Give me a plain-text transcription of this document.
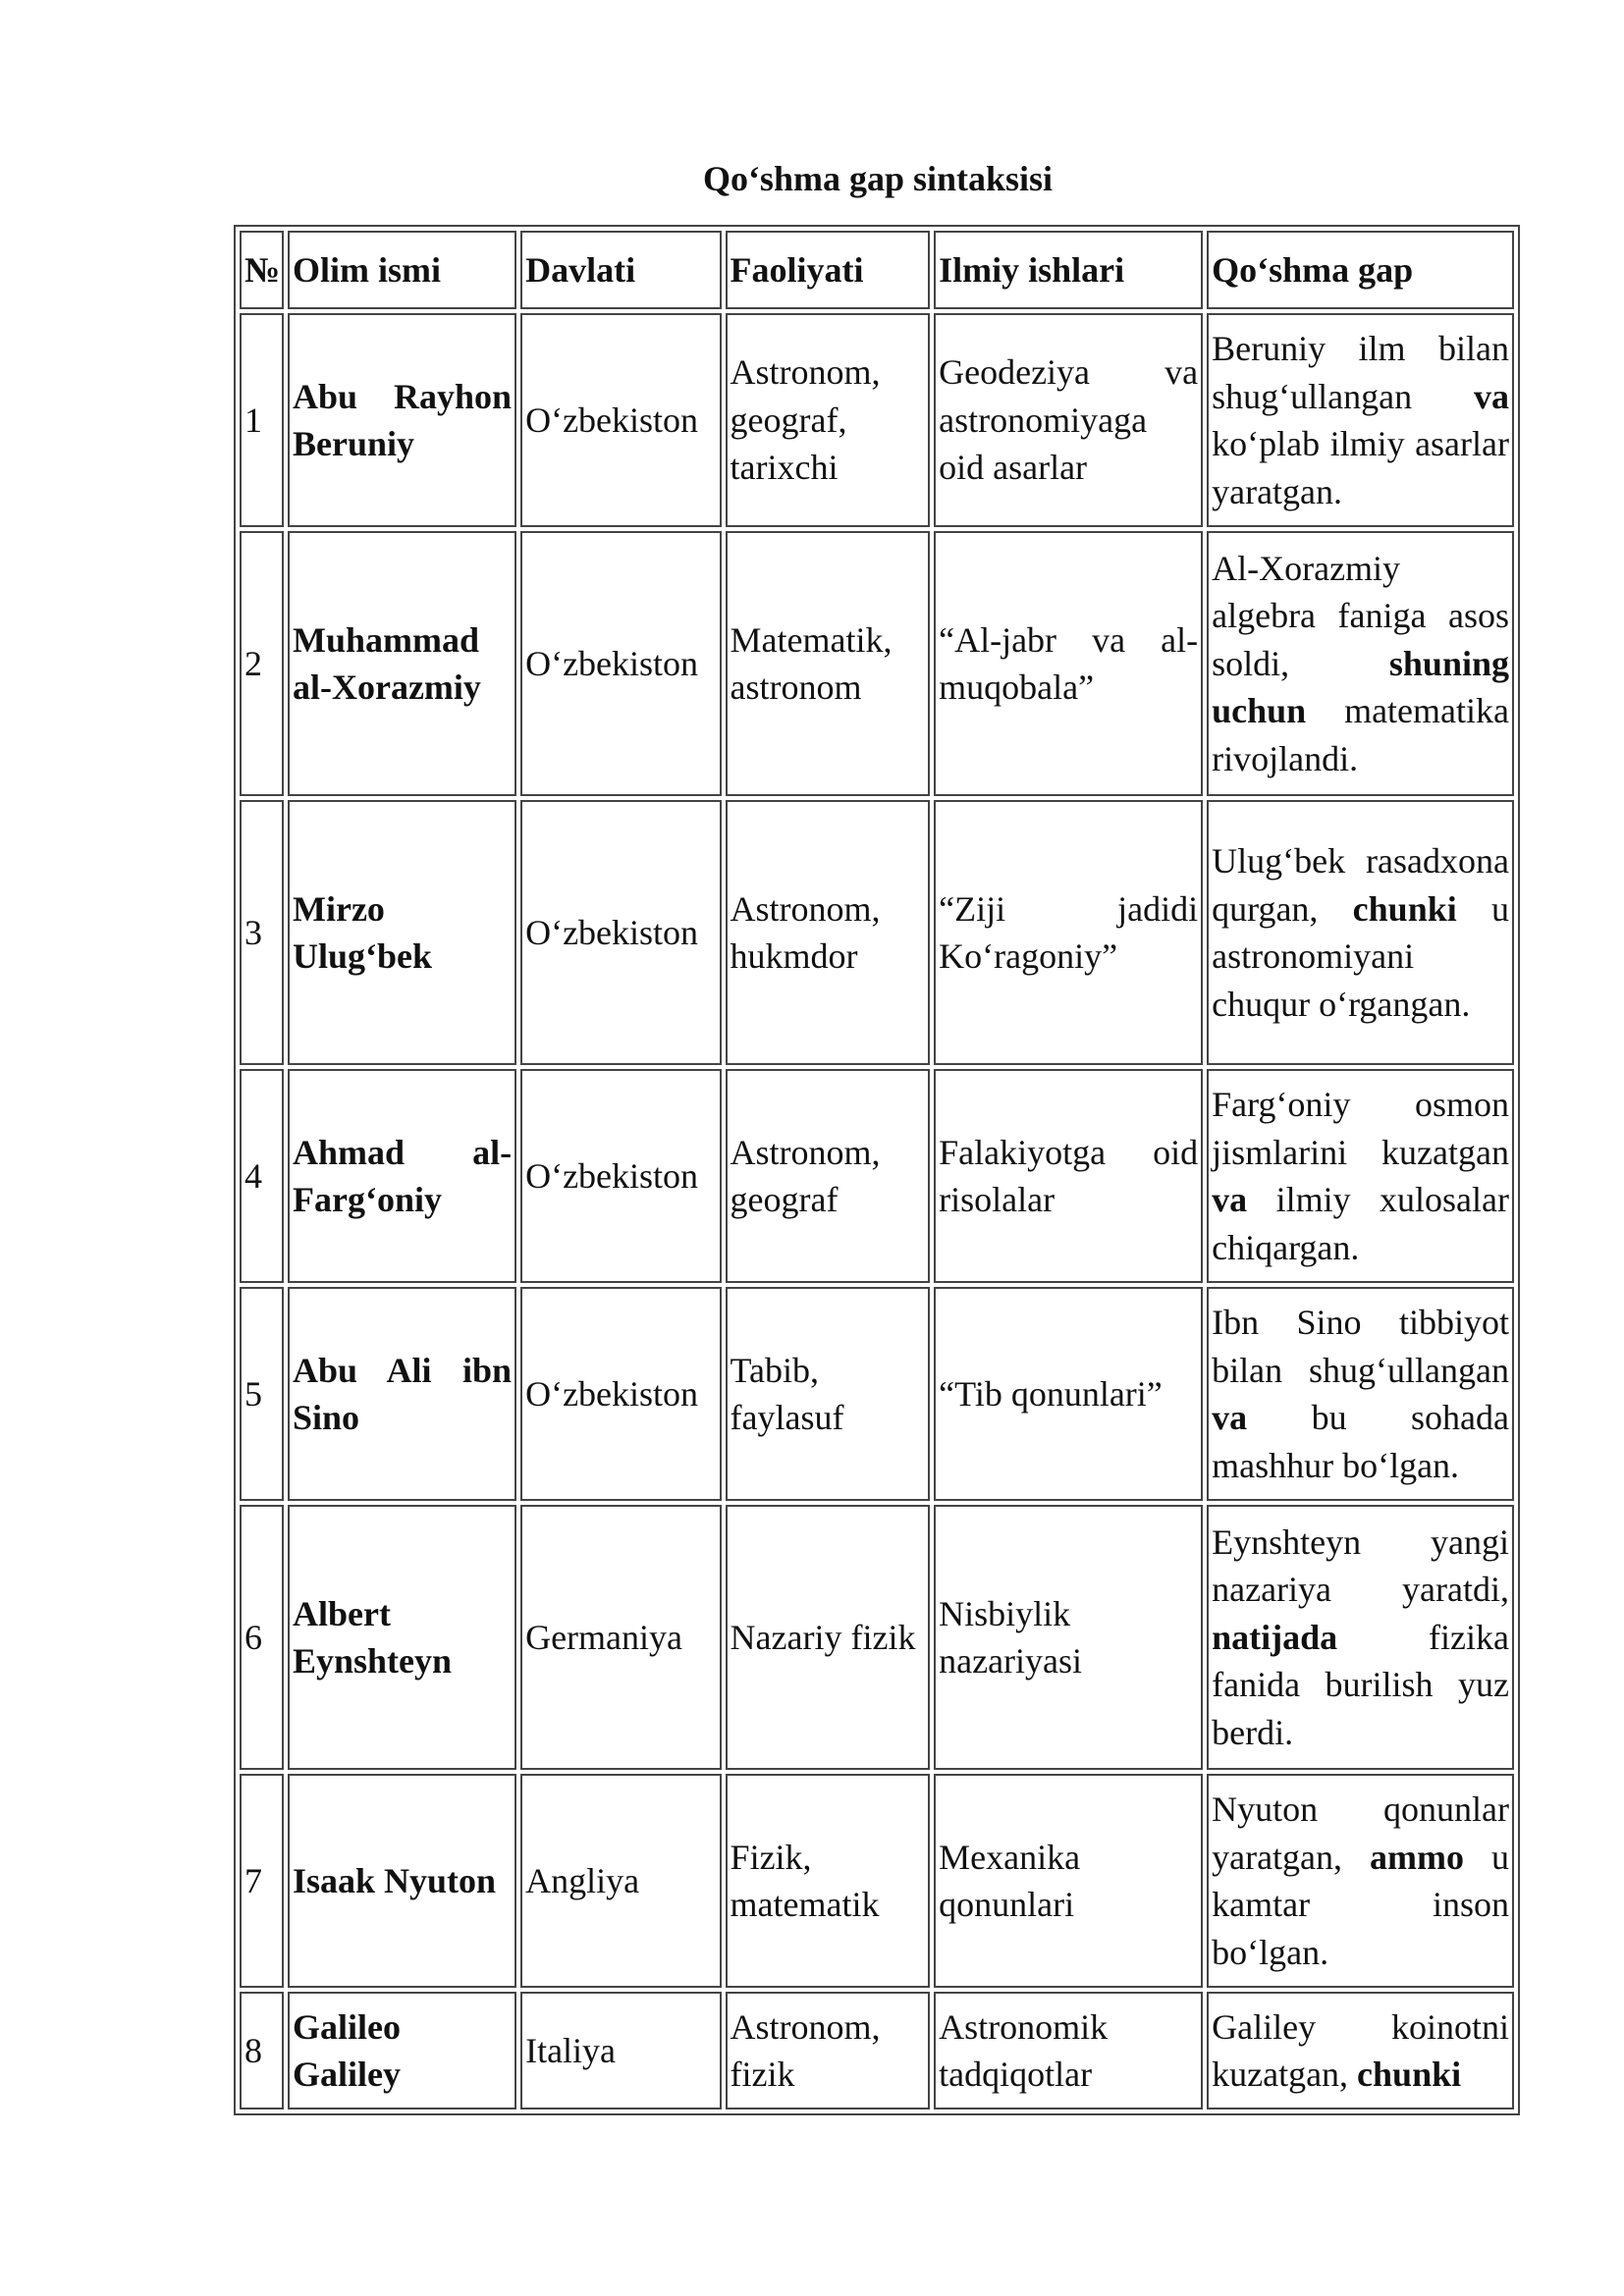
Qo‘shma gap sintaksisi
№	Olim ismi	Davlati	Faoliyati	Ilmiy ishlari	Qo‘shma gap
1	Abu Rayhon Beruniy	O‘zbekiston	Astronom, geograf, tarixchi	Geodeziya va astronomiyaga oid asarlar	Beruniy ilm bilan shug‘ullangan va ko‘plab ilmiy asarlar yaratgan.
2	Muhammad al-Xorazmiy	O‘zbekiston	Matematik, astronom	“Al-jabr va al-muqobala”	Al-Xorazmiy algebra faniga asos soldi, shuning uchun matematika rivojlandi.
3	Mirzo Ulug‘bek	O‘zbekiston	Astronom, hukmdor	“Ziji jadidi Ko‘ragoniy”	Ulug‘bek rasadxona qurgan, chunki u astronomiyani chuqur o‘rgangan.
4	Ahmad al-Farg‘oniy	O‘zbekiston	Astronom, geograf	Falakiyotga oid risolalar	Farg‘oniy osmon jismlarini kuzatgan va ilmiy xulosalar chiqargan.
5	Abu Ali ibn Sino	O‘zbekiston	Tabib, faylasuf	“Tib qonunlari”	Ibn Sino tibbiyot bilan shug‘ullangan va bu sohada mashhur bo‘lgan.
6	Albert Eynshteyn	Germaniya	Nazariy fizik	Nisbiylik nazariyasi	Eynshteyn yangi nazariya yaratdi, natijada fizika fanida burilish yuz berdi.
7	Isaak Nyuton	Angliya	Fizik, matematik	Mexanika qonunlari	Nyuton qonunlar yaratgan, ammo u kamtar inson bo‘lgan.
8	Galileo Galiley	Italiya	Astronom, fizik	Astronomik tadqiqotlar	Galiley koinotni kuzatgan, chunki
